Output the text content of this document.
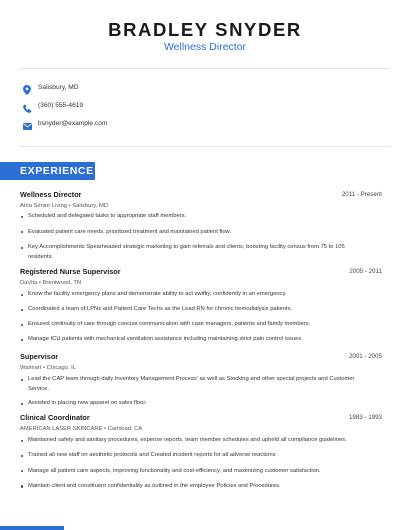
BRADLEY SNYDER
Wellness Director
Salisbury, MD
(360) 555-4619
bsnyder@example.com
EXPERIENCE
Wellness Director	2011 - Present
Atria Senior Living • Salisbury, MD
Scheduled and delegated tasks to appropriate staff members.
Evaluated patient care needs, prioritized treatment and maintained patient flow.
Key Accomplishments Spearheaded strategic marketing to gain referrals and clients, boosting facility census from 75 to 105 residents.
Registered Nurse Supervisor	2005 - 2011
DaVita • Brentwood, TN
Know the facility emergency plans and demonstrate ability to act swiftly, confidently in an emergency.
Coordinated a team of LPNs and Patient Care Techs as the Lead RN for chronic hemodialysis patients.
Ensured continuity of care through concise communication with case managers, patients and family members.
Manage ICU patients with mechanical ventilation assistance including maintaining strict pain control issues.
Supervisor	2001 - 2005
Walmart • Chicago, IL
Lead the CAP team through daily Inventory Management Process' as well as Stocking and other special projects and Customer Service.
Assisted in placing new apparel on sales floor.
Clinical Coordinator	1983 - 1993
AMERICAN LASER SKINCARE • Carlsbad, CA
Maintained safety and sanitary procedures, expense reports, team member schedules and upheld all compliance guidelines.
Trained all new staff on aesthetic protocols and Created incident reports for all adverse reactions
Manage all patient care aspects, improving functionality and cost-efficiency, and maximizing customer satisfaction.
Maintain client and constituent confidentiality as outlined in the employee Policies and Procedures.
